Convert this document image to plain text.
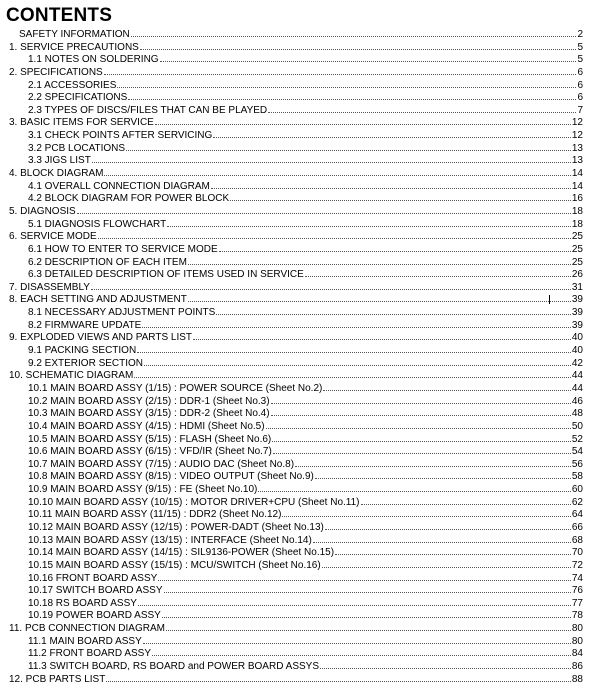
CONTENTS
SAFETY INFORMATION	2
1. SERVICE PRECAUTIONS	5
1.1 NOTES ON SOLDERING	5
2. SPECIFICATIONS	6
2.1 ACCESSORIES	6
2.2 SPECIFICATIONS	6
2.3 TYPES OF DISCS/FILES THAT CAN BE PLAYED	7
3. BASIC ITEMS FOR SERVICE	12
3.1 CHECK POINTS AFTER SERVICING	12
3.2 PCB LOCATIONS	13
3.3 JIGS LIST	13
4. BLOCK DIAGRAM	14
4.1 OVERALL CONNECTION DIAGRAM	14
4.2 BLOCK DIAGRAM FOR POWER BLOCK	16
5. DIAGNOSIS	18
5.1 DIAGNOSIS FLOWCHART	18
6. SERVICE MODE	25
6.1 HOW TO ENTER TO SERVICE MODE	25
6.2 DESCRIPTION OF EACH ITEM	25
6.3 DETAILED DESCRIPTION OF ITEMS USED IN SERVICE	26
7. DISASSEMBLY	31
8. EACH SETTING AND ADJUSTMENT	39
8.1 NECESSARY ADJUSTMENT POINTS	39
8.2 FIRMWARE UPDATE	39
9. EXPLODED VIEWS AND PARTS LIST	40
9.1 PACKING SECTION	40
9.2 EXTERIOR SECTION	42
10. SCHEMATIC DIAGRAM	44
10.1 MAIN BOARD ASSY (1/15) : POWER SOURCE (Sheet No.2)	44
10.2 MAIN BOARD ASSY (2/15) : DDR-1 (Sheet No.3)	46
10.3 MAIN BOARD ASSY (3/15) : DDR-2 (Sheet No.4)	48
10.4 MAIN BOARD ASSY (4/15) : HDMI (Sheet No.5)	50
10.5 MAIN BOARD ASSY (5/15) : FLASH (Sheet No.6)	52
10.6 MAIN BOARD ASSY (6/15) : VFD/IR (Sheet No.7)	54
10.7 MAIN BOARD ASSY (7/15) : AUDIO DAC (Sheet No.8)	56
10.8 MAIN BOARD ASSY (8/15) : VIDEO OUTPUT (Sheet No.9)	58
10.9 MAIN BOARD ASSY (9/15) : FE (Sheet No.10)	60
10.10 MAIN BOARD ASSY (10/15) : MOTOR DRIVER+CPU (Sheet No.11)	62
10.11 MAIN BOARD ASSY (11/15) : DDR2 (Sheet No.12)	64
10.12 MAIN BOARD ASSY (12/15) : POWER-DADT (Sheet No.13)	66
10.13 MAIN BOARD ASSY (13/15) : INTERFACE (Sheet No.14)	68
10.14 MAIN BOARD ASSY (14/15) : SIL9136-POWER (Sheet No.15)	70
10.15 MAIN BOARD ASSY (15/15) : MCU/SWITCH (Sheet No.16)	72
10.16 FRONT BOARD ASSY	74
10.17 SWITCH BOARD ASSY	76
10.18 RS BOARD ASSY	77
10.19 POWER BOARD ASSY	78
11. PCB CONNECTION DIAGRAM	80
11.1 MAIN BOARD ASSY	80
11.2 FRONT BOARD ASSY	84
11.3 SWITCH BOARD, RS BOARD and POWER BOARD ASSYS	86
12. PCB PARTS LIST	88
